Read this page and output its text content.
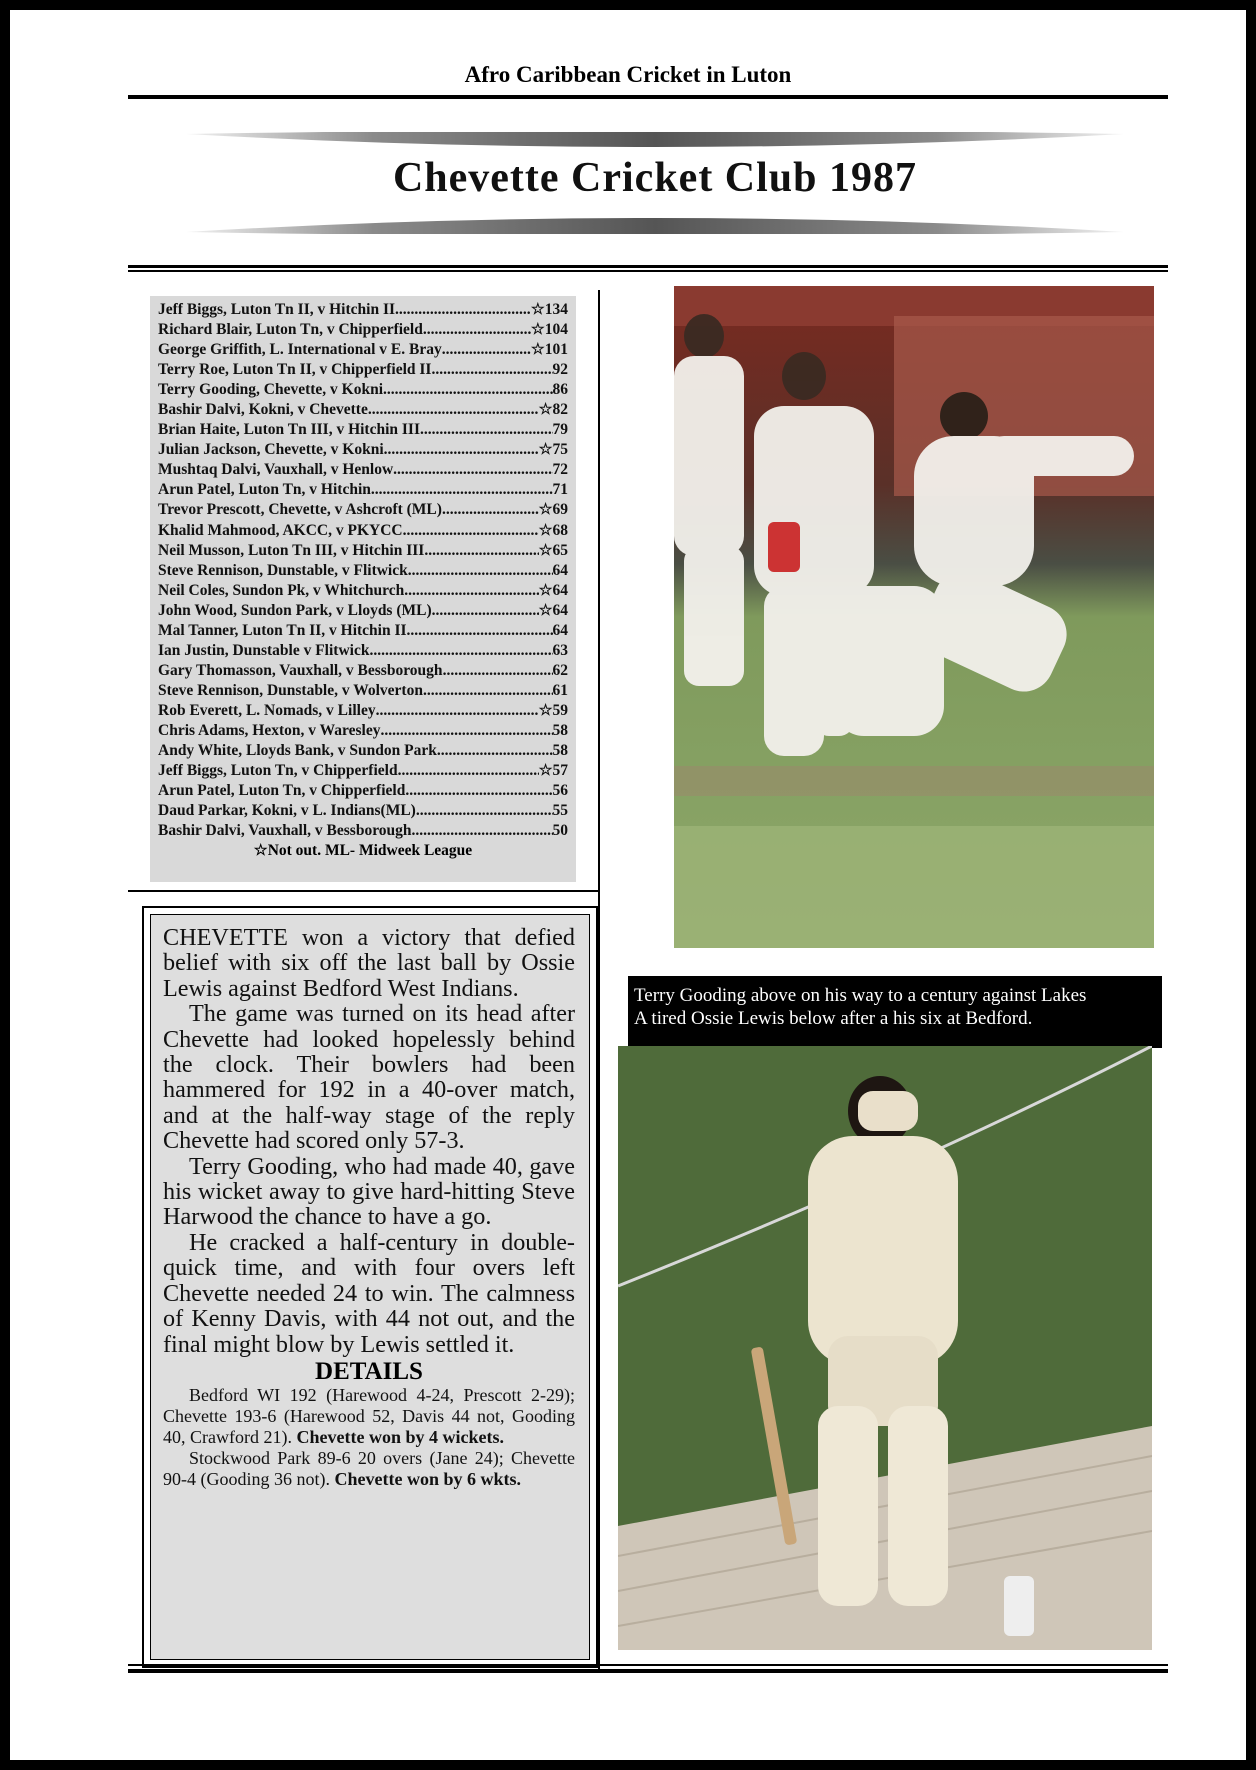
Afro Caribbean Cricket in Luton
Chevette Cricket Club 1987
Jeff Biggs, Luton Tn II, v Hitchin II .....	☆134
Richard Blair, Luton Tn, v Chipperfield .....	☆104
George Griffith, L. International v E. Bray .....	☆101
Terry Roe, Luton Tn II, v Chipperfield II .....	92
Terry Gooding, Chevette, v Kokni .....	86
Bashir Dalvi, Kokni, v Chevette .....	☆82
Brian Haite, Luton Tn III, v Hitchin III .....	79
Julian Jackson, Chevette, v Kokni .....	☆75
Mushtaq Dalvi, Vauxhall, v Henlow .....	72
Arun Patel, Luton Tn, v Hitchin .....	71
Trevor Prescott, Chevette, v Ashcroft (ML) .....	☆69
Khalid Mahmood, AKCC, v PKYCC .....	☆68
Neil Musson, Luton Tn III, v Hitchin III .....	☆65
Steve Rennison, Dunstable, v Flitwick .....	64
Neil Coles, Sundon Pk, v Whitchurch .....	☆64
John Wood, Sundon Park, v Lloyds (ML) .....	☆64
Mal Tanner, Luton Tn II, v Hitchin II .....	64
Ian Justin, Dunstable v Flitwick .....	63
Gary Thomasson, Vauxhall, v Bessborough .....	62
Steve Rennison, Dunstable, v Wolverton .....	61
Rob Everett, L. Nomads, v Lilley .....	☆59
Chris Adams, Hexton, v Waresley .....	58
Andy White, Lloyds Bank, v Sundon Park .....	58
Jeff Biggs, Luton Tn, v Chipperfield .....	☆57
Arun Patel, Luton Tn, v Chipperfield .....	56
Daud Parkar, Kokni, v L. Indians(ML) .....	55
Bashir Dalvi, Vauxhall, v Bessborough .....	50
☆Not out. ML- Midweek League

CHEVETTE won a victory that defied belief with six off the last ball by Ossie Lewis against Bedford West Indians.

The game was turned on its head after Chevette had looked hopelessly behind the clock. Their bowlers had been hammered for 192 in a 40-over match, and at the half-way stage of the reply Chevette had scored only 57-3.

Terry Gooding, who had made 40, gave his wicket away to give hard-hitting Steve Harwood the chance to have a go.

He cracked a half-century in double-quick time, and with four overs left Chevette needed 24 to win. The calmness of Kenny Davis, with 44 not out, and the final might blow by Lewis settled it.

DETAILS

Bedford WI 192 (Harewood 4-24, Prescott 2-29); Chevette 193-6 (Harewood 52, Davis 44 not, Gooding 40, Crawford 21). Chevette won by 4 wickets.

Stockwood Park 89-6 20 overs (Jane 24); Chevette 90-4 (Gooding 36 not). Chevette won by 6 wkts.

Terry Gooding above on his way to a century against Lakes
A tired Ossie Lewis below after a his six at Bedford.
